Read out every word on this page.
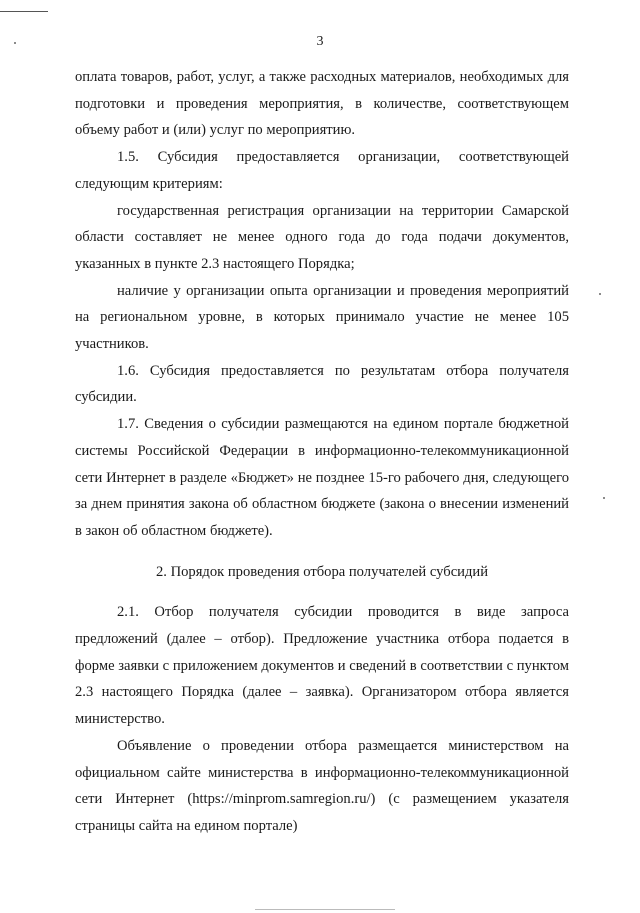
3

оплата товаров, работ, услуг, а также расходных материалов, необходимых для подготовки и проведения мероприятия, в количестве, соответствующем объему работ и (или) услуг по мероприятию.

1.5. Субсидия предоставляется организации, соответствующей следующим критериям:

государственная регистрация организации на территории Самарской области составляет не менее одного года до года подачи документов, указанных в пункте 2.3 настоящего Порядка;

наличие у организации опыта организации и проведения мероприятий на региональном уровне, в которых принимало участие не менее 105 участников.

1.6. Субсидия предоставляется по результатам отбора получателя субсидии.

1.7. Сведения о субсидии размещаются на едином портале бюджетной системы Российской Федерации в информационно-телекоммуникационной сети Интернет в разделе «Бюджет» не позднее 15-го рабочего дня, следующего за днем принятия закона об областном бюджете (закона о внесении изменений в закон об областном бюджете).

2. Порядок проведения отбора получателей субсидий

2.1. Отбор получателя субсидии проводится в виде запроса предложений (далее – отбор). Предложение участника отбора подается в форме заявки с приложением документов и сведений в соответствии с пунктом 2.3 настоящего Порядка (далее – заявка). Организатором отбора является министерство.

Объявление о проведении отбора размещается министерством на официальном сайте министерства в информационно-телекоммуникационной сети Интернет (https://minprom.samregion.ru/) (с размещением указателя страницы сайта на едином портале)
